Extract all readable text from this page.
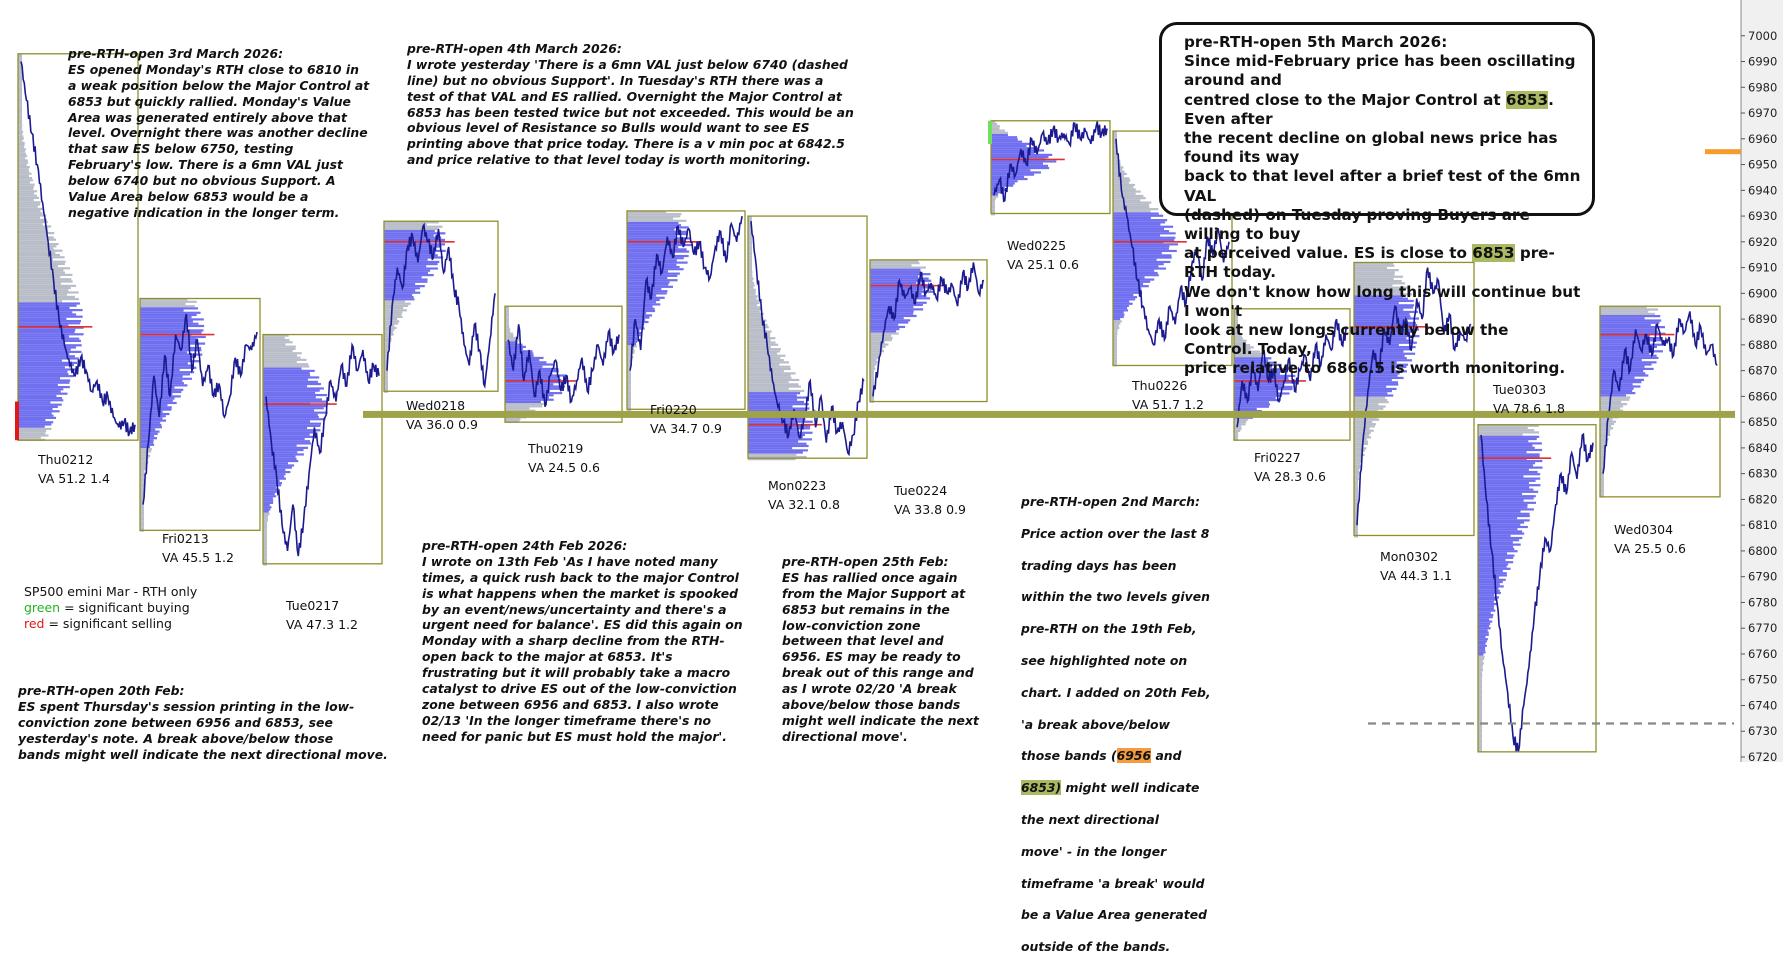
7000
6990
6980
6970
6960
6950
6940
6930
6920
6910
6900
6890
6880
6870
6860
6850
6840
6830
6820
6810
6800
6790
6780
6770
6760
6750
6740
6730
6720

pre-RTH-open 3rd March 2026:
ES opened Monday's RTH close to 6810 in
a weak position below the Major Control at
6853 but quickly rallied. Monday's Value
Area was generated entirely above that
level. Overnight there was another decline
that saw ES below 6750, testing
February's low. There is a 6mn VAL just
below 6740 but no obvious Support. A
Value Area below 6853 would be a
negative indication in the longer term.

pre-RTH-open 4th March 2026:
I wrote yesterday 'There is a 6mn VAL just below 6740 (dashed
line) but no obvious Support'. In Tuesday's RTH there was a
test of that VAL and ES rallied. Overnight the Major Control at
6853 has been tested twice but not exceeded. This would be an
obvious level of Resistance so Bulls would want to see ES
printing above that price today. There is a v min poc at 6842.5
and price relative to that level today is worth monitoring.

pre-RTH-open 5th March 2026:
Since mid-February price has been oscillating around and
centred close to the Major Control at 6853. Even after
the recent decline on global news price has found its way
back to that level after a brief test of the 6mn VAL
(dashed) on Tuesday proving Buyers are willing to buy
at perceived value. ES is close to 6853 pre-RTH today.
We don't know how long this will continue but I won't
look at new longs currently below the Control. Today,
price relative to 6866.5 is worth monitoring.
SP500 emini Mar - RTH only
green = significant buying
red = significant selling

pre-RTH-open 20th Feb:
ES spent Thursday's session printing in the low-
conviction zone between 6956 and 6853, see
yesterday's note. A break above/below those
bands might well indicate the next directional move.

pre-RTH-open 24th Feb 2026:
I wrote on 13th Feb 'As I have noted many
times, a quick rush back to the major Control
is what happens when the market is spooked
by an event/news/uncertainty and there's a
urgent need for balance'. ES did this again on
Monday with a sharp decline from the RTH-
open back to the major at 6853. It's
frustrating but it will probably take a macro
catalyst to drive ES out of the low-conviction
zone between 6956 and 6853. I also wrote
02/13 'In the longer timeframe there's no
need for panic but ES must hold the major'.

pre-RTH-open 25th Feb:
ES has rallied once again
from the Major Support at
6853 but remains in the
low-conviction zone
between that level and
6956. ES may be ready to
break out of this range and
as I wrote 02/20 'A break
above/below those bands
might well indicate the next
directional move'.

pre-RTH-open 2nd March:

Price action over the last 8

trading days has been

within the two levels given

pre-RTH on the 19th Feb,

see highlighted note on

chart. I added on 20th Feb,

'a break above/below

those bands (6956 and

6853) might well indicate

the next directional

move' - in the longer

timeframe 'a break' would

be a Value Area generated

outside of the bands.

Thu0212
VA 51.2 1.4
Fri0213
VA 45.5 1.2
Tue0217
VA 47.3 1.2
Wed0218
VA 36.0 0.9
Thu0219
VA 24.5 0.6
Fri0220
VA 34.7 0.9
Mon0223
VA 32.1 0.8
Tue0224
VA 33.8 0.9
Wed0225
VA 25.1 0.6
Thu0226
VA 51.7 1.2
Fri0227
VA 28.3 0.6
Mon0302
VA 44.3 1.1
Tue0303
VA 78.6 1.8
Wed0304
VA 25.5 0.6
